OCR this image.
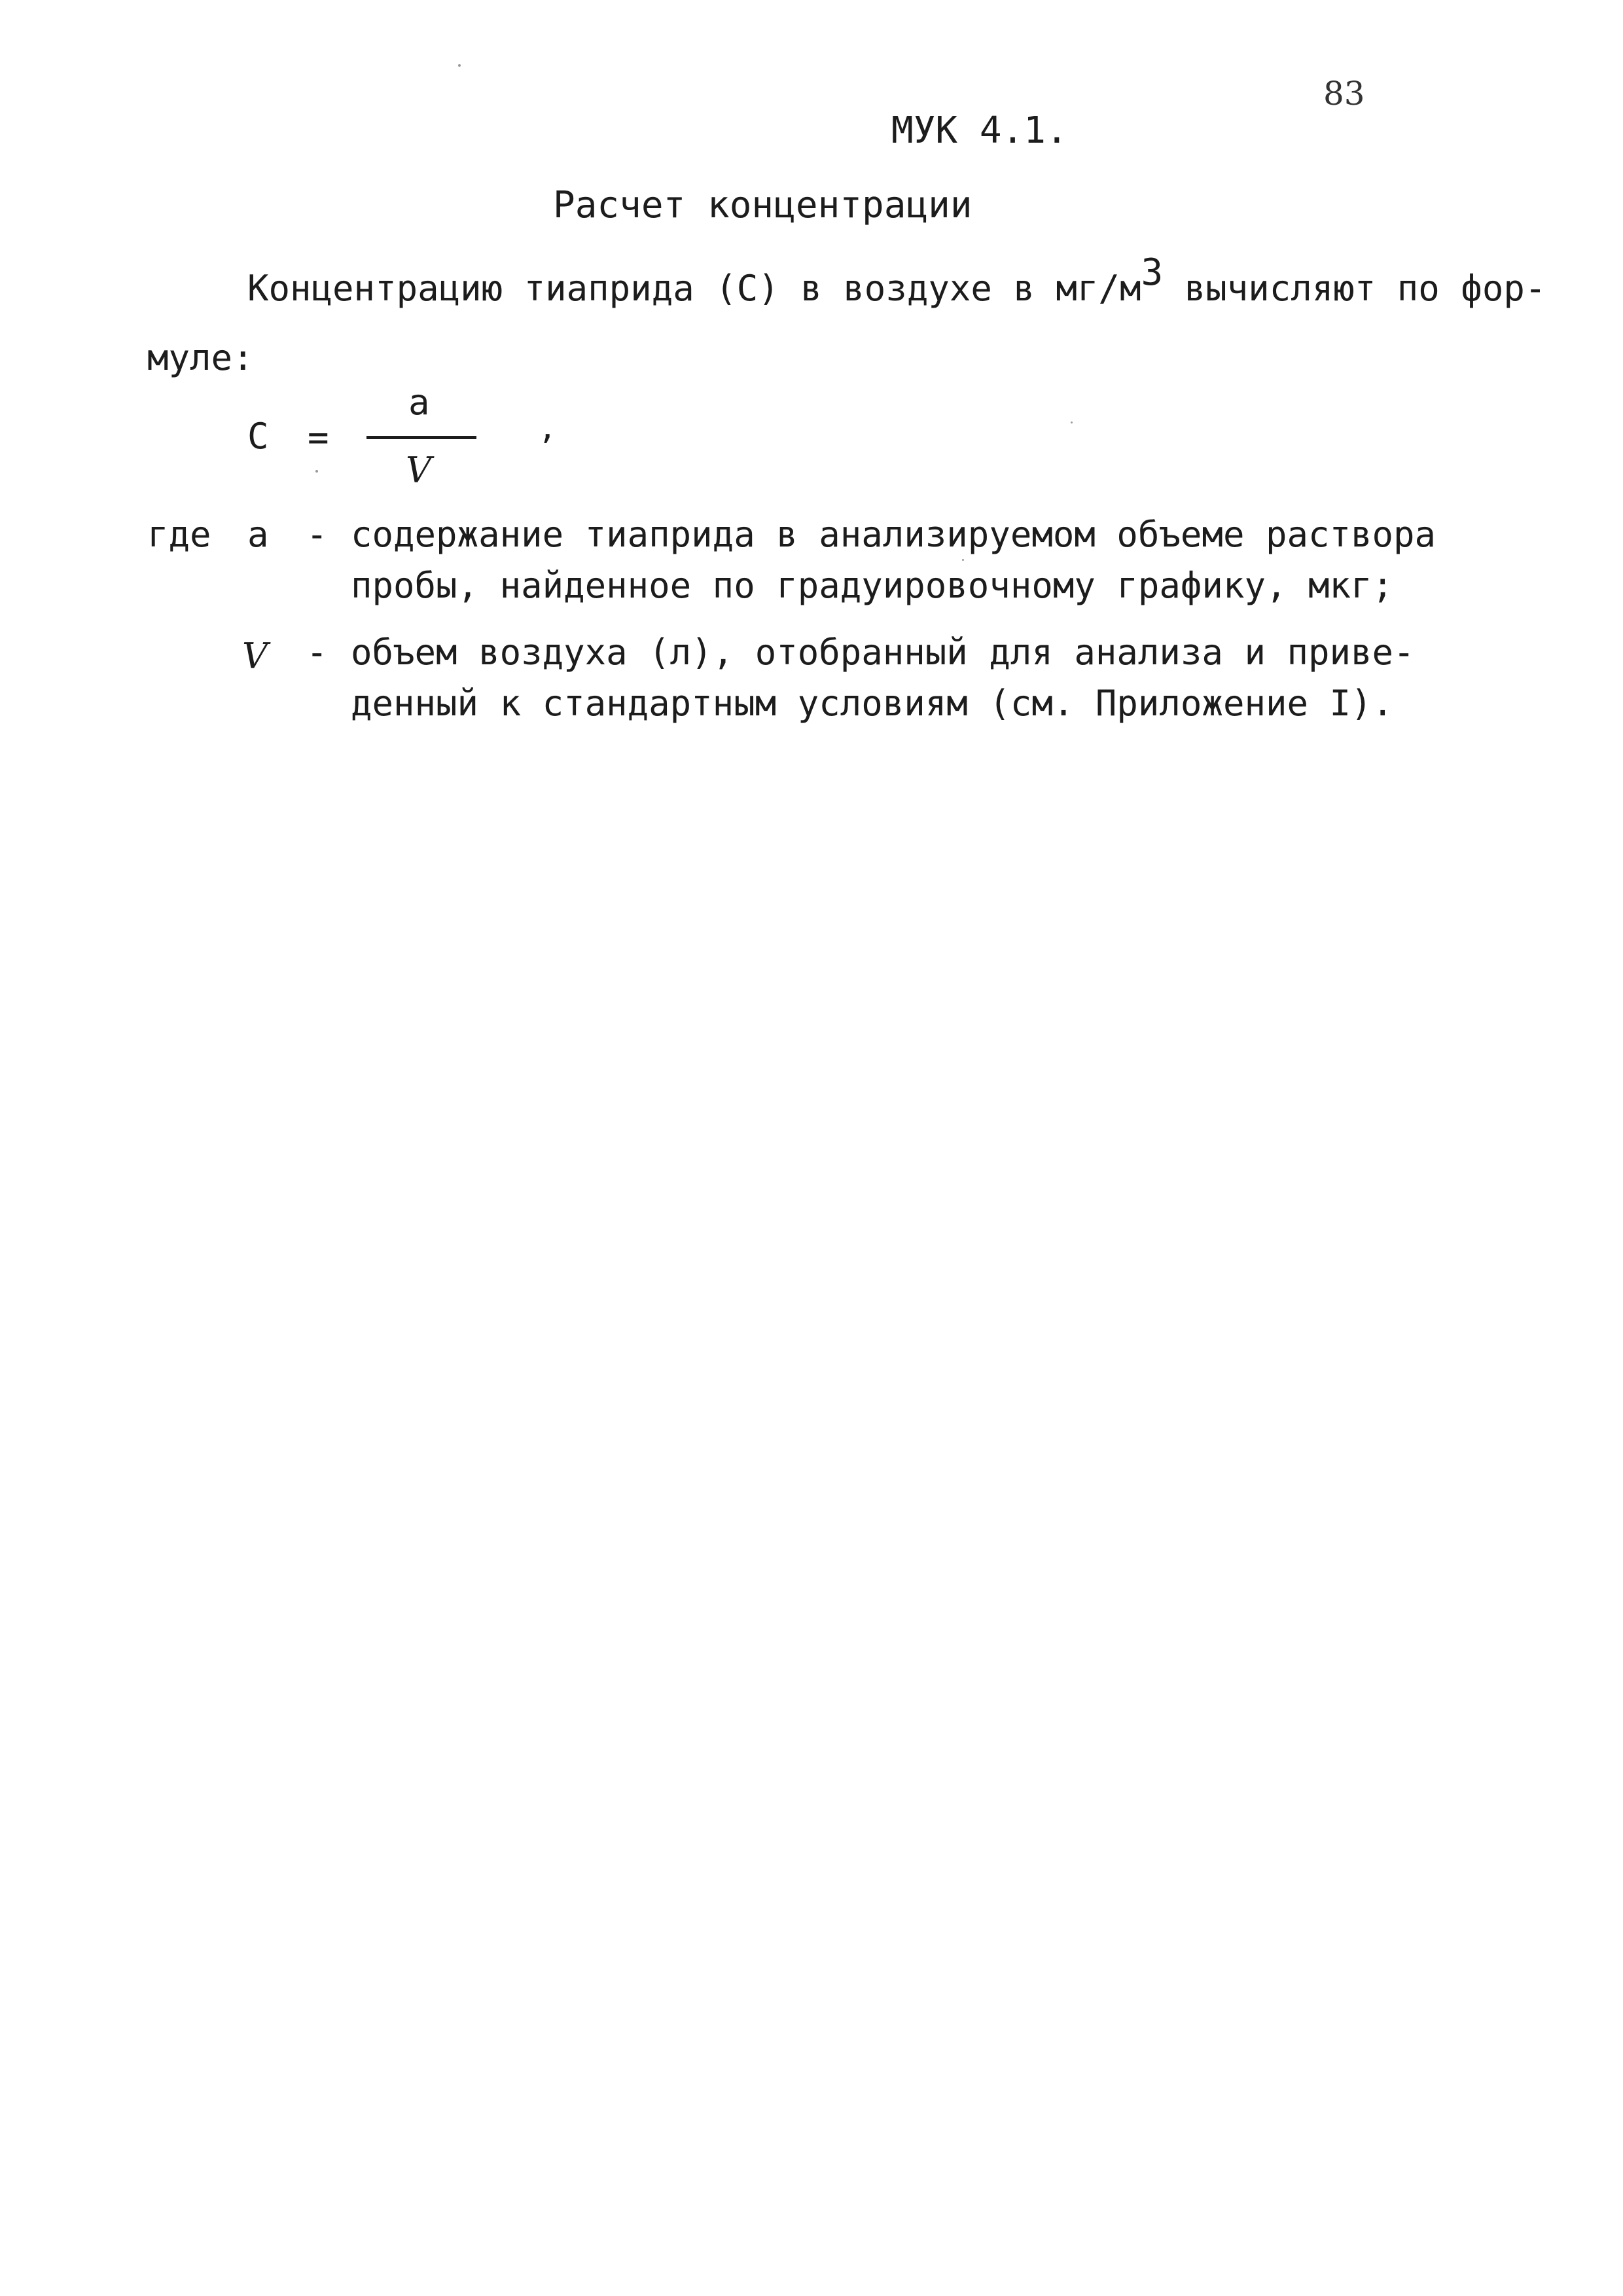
83
МУК 4.1.
Расчет концентрации
Концентрацию тиаприда (С) в воздухе в $мг/м^3$ вычисляют по фор-
муле:
С =
а
V
,
где а - содержание тиаприда в анализируемом объеме раствора
пробы, найденное по градуировочному графику, мкг;
V - объем воздуха (л), отобранный для анализа и приве-
денный к стандартным условиям (см. Приложение I).
